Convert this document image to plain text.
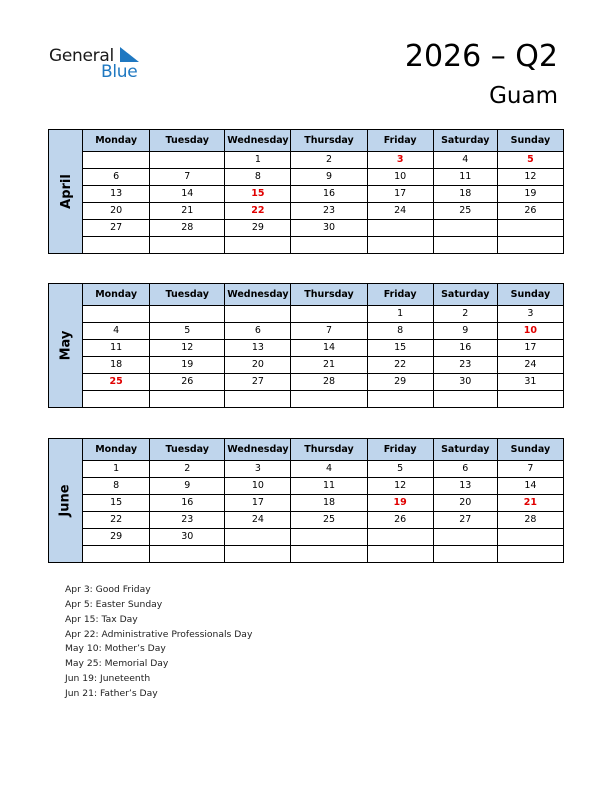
General
Blue	2026 – Q2
Guam
April	Monday	Tuesday	Wednesday	Thursday	Friday	Saturday	Sunday
			1	2	3	4	5
	6	7	8	9	10	11	12
	13	14	15	16	17	18	19
	20	21	22	23	24	25	26
	27	28	29	30			

May	Monday	Tuesday	Wednesday	Thursday	Friday	Saturday	Sunday
					1	2	3
	4	5	6	7	8	9	10
	11	12	13	14	15	16	17
	18	19	20	21	22	23	24
	25	26	27	28	29	30	31

June	Monday	Tuesday	Wednesday	Thursday	Friday	Saturday	Sunday
	1	2	3	4	5	6	7
	8	9	10	11	12	13	14
	15	16	17	18	19	20	21
	22	23	24	25	26	27	28
	29	30					

Apr 3: Good Friday
Apr 5: Easter Sunday
Apr 15: Tax Day
Apr 22: Administrative Professionals Day
May 10: Mother’s Day
May 25: Memorial Day
Jun 19: Juneteenth
Jun 21: Father’s Day
